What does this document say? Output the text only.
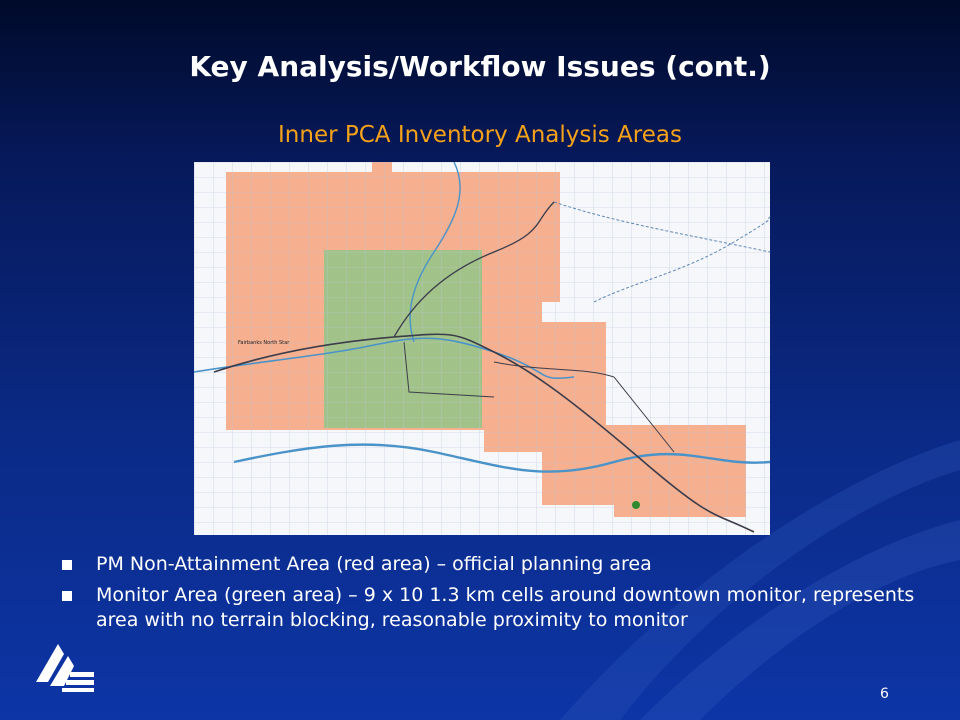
Key Analysis/Workflow Issues (cont.)
Inner PCA Inventory Analysis Areas
Fairbanks North Star
PM Non-Attainment Area (red area) – official planning area
Monitor Area (green area) – 9 x 10 1.3 km cells around downtown monitor, represents area with no terrain blocking, reasonable proximity to monitor
6
